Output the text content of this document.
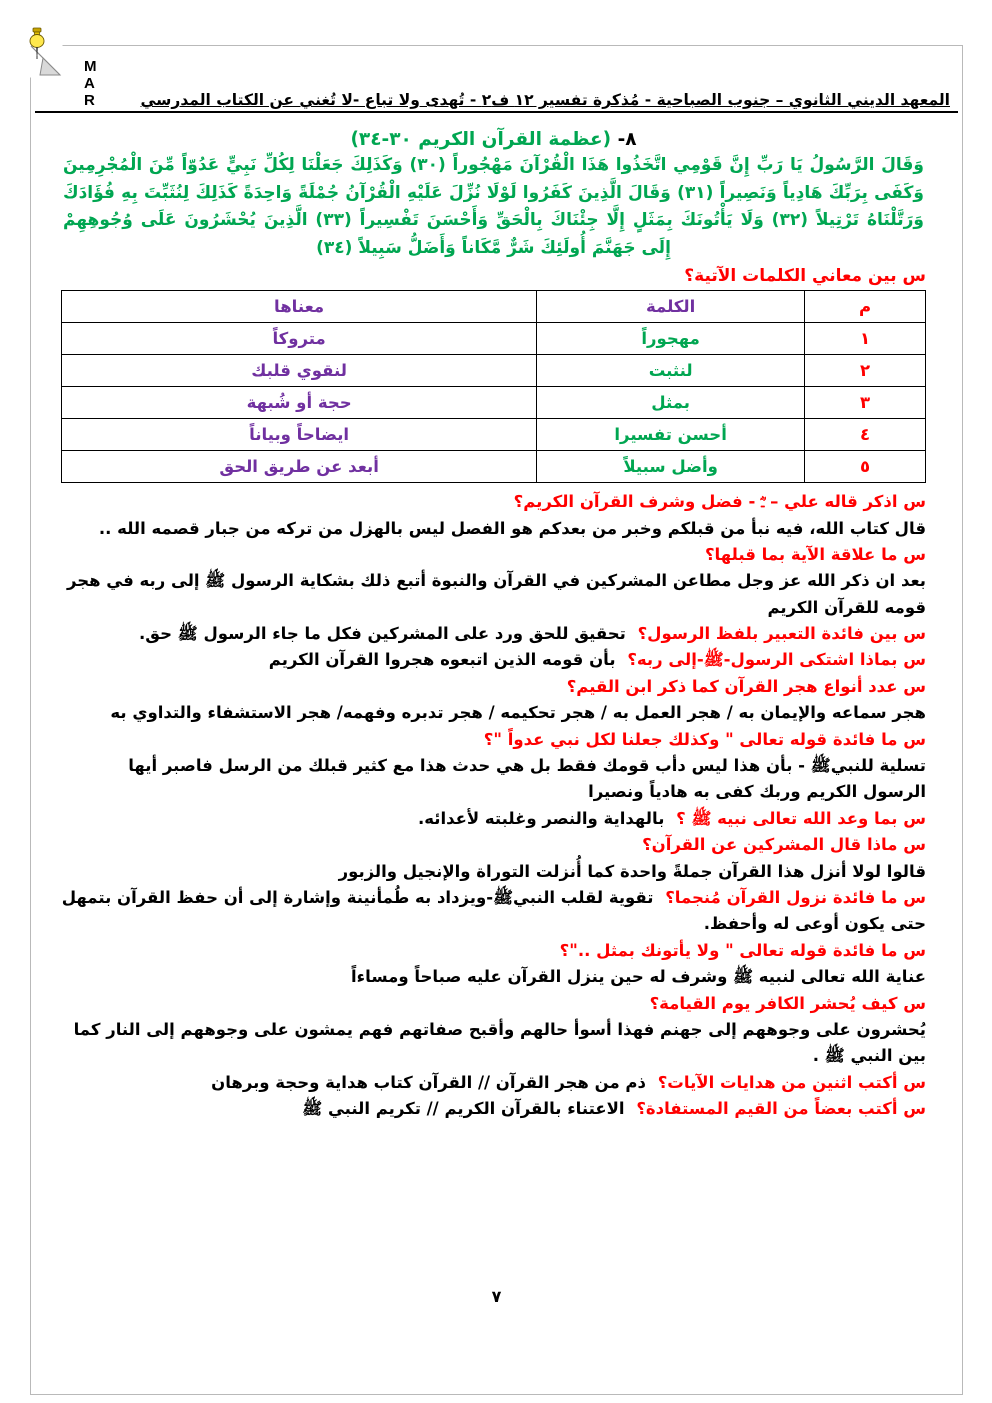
المعهد الديني الثانوي – جنوب الصباحية - مُذكرة تفسير ١٢ ف٢ - تُهدى ولا تباع -لا تُغني عن الكتاب المدرسي
M A R
٨- (عظمة القرآن الكريم ٣٠-٣٤)
وَقَالَ الرَّسُولُ يَا رَبِّ إِنَّ قَوْمِي اتَّخَذُوا هَذَا الْقُرْآنَ مَهْجُوراً (٣٠) وَكَذَلِكَ جَعَلْنَا لِكُلِّ نَبِيٍّ عَدُوّاً مِّنَ الْمُجْرِمِينَ وَكَفَى بِرَبِّكَ هَادِياً وَنَصِيراً (٣١) وَقَالَ الَّذِينَ كَفَرُوا لَوْلَا نُزِّلَ عَلَيْهِ الْقُرْآنُ جُمْلَةً وَاحِدَةً كَذَلِكَ لِنُثَبِّتَ بِهِ فُؤَادَكَ وَرَتَّلْنَاهُ تَرْتِيلاً (٣٢) وَلَا يَأْتُونَكَ بِمَثَلٍ إِلَّا جِئْنَاكَ بِالْحَقِّ وَأَحْسَنَ تَفْسِيراً (٣٣) الَّذِينَ يُحْشَرُونَ عَلَى وُجُوهِهِمْ إِلَى جَهَنَّمَ أُولَئِكَ شَرٌّ مَّكَاناً وَأَضَلُّ سَبِيلاً (٣٤)
س بين معاني الكلمات الآتية؟
م	الكلمة	معناها
١	مهجوراً	متروكاً
٢	لنثبت	لنقوي قلبك
٣	بمثل	حجة أو شُبهة
٤	أحسن تفسيرا	ايضاحاً وبياناً
٥	وأضل سبيلاً	أبعد عن طريق الحق
س اذكر قاله علي – ـؓ - فضل وشرف القرآن الكريم؟
قال كتاب الله، فيه نبأ من قبلكم وخبر من بعدكم هو الفصل ليس بالهزل من تركه من جبار قصمه الله ..
س ما علاقة الآية بما قبلها؟
بعد ان ذكر الله عز وجل مطاعن المشركين في القرآن والنبوة أتبع ذلك بشكاية الرسول ﷺ إلى ربه في هجر قومه للقرآن الكريم
س بين فائدة التعبير بلفظ الرسول؟ تحقيق للحق ورد على المشركين فكل ما جاء الرسول ﷺ حق.
س بماذا اشتكى الرسول-ﷺ-إلى ربه؟ بأن قومه الذين اتبعوه هجروا القرآن الكريم
س عدد أنواع هجر القرآن كما ذكر ابن القيم؟
هجر سماعه والإيمان به / هجر العمل به / هجر تحكيمه / هجر تدبره وفهمه/ هجر الاستشفاء والتداوي به
س ما فائدة قوله تعالى " وكذلك جعلنا لكل نبي عدواً "؟
تسلية للنبيﷺ - بأن هذا ليس دأب قومك فقط بل هي حدث هذا مع كثير قبلك من الرسل فاصبر أيها الرسول الكريم وربك كفى به هادياً ونصيرا
س بما وعد الله تعالى نبيه ﷺ ؟ بالهداية والنصر وغلبته لأعدائه.
س ماذا قال المشركين عن القرآن؟
قالوا لولا أنزل هذا القرآن جملةً واحدة كما أُنزلت التوراة والإنجيل والزبور
س ما فائدة نزول القرآن مُنجما؟ تقوية لقلب النبيﷺ-ويزداد به طُمأنينة وإشارة إلى أن حفظ القرآن بتمهل حتى يكون أوعى له وأحفظ.
س ما فائدة قوله تعالى " ولا يأتونك بمثل .."؟
عناية الله تعالى لنبيه ﷺ وشرف له حين ينزل القرآن عليه صباحاً ومساءاً
س كيف يُحشر الكافر يوم القيامة؟
يُحشرون على وجوههم إلى جهنم فهذا أسوأ حالهم وأقبح صفاتهم فهم يمشون على وجوههم إلى النار كما بين النبي ﷺ .
س أكتب اثنين من هدايات الآيات؟ ذم من هجر القرآن // القرآن كتاب هداية وحجة وبرهان
س أكتب بعضاً من القيم المستفادة؟ الاعتناء بالقرآن الكريم // تكريم النبي ﷺ
٧
